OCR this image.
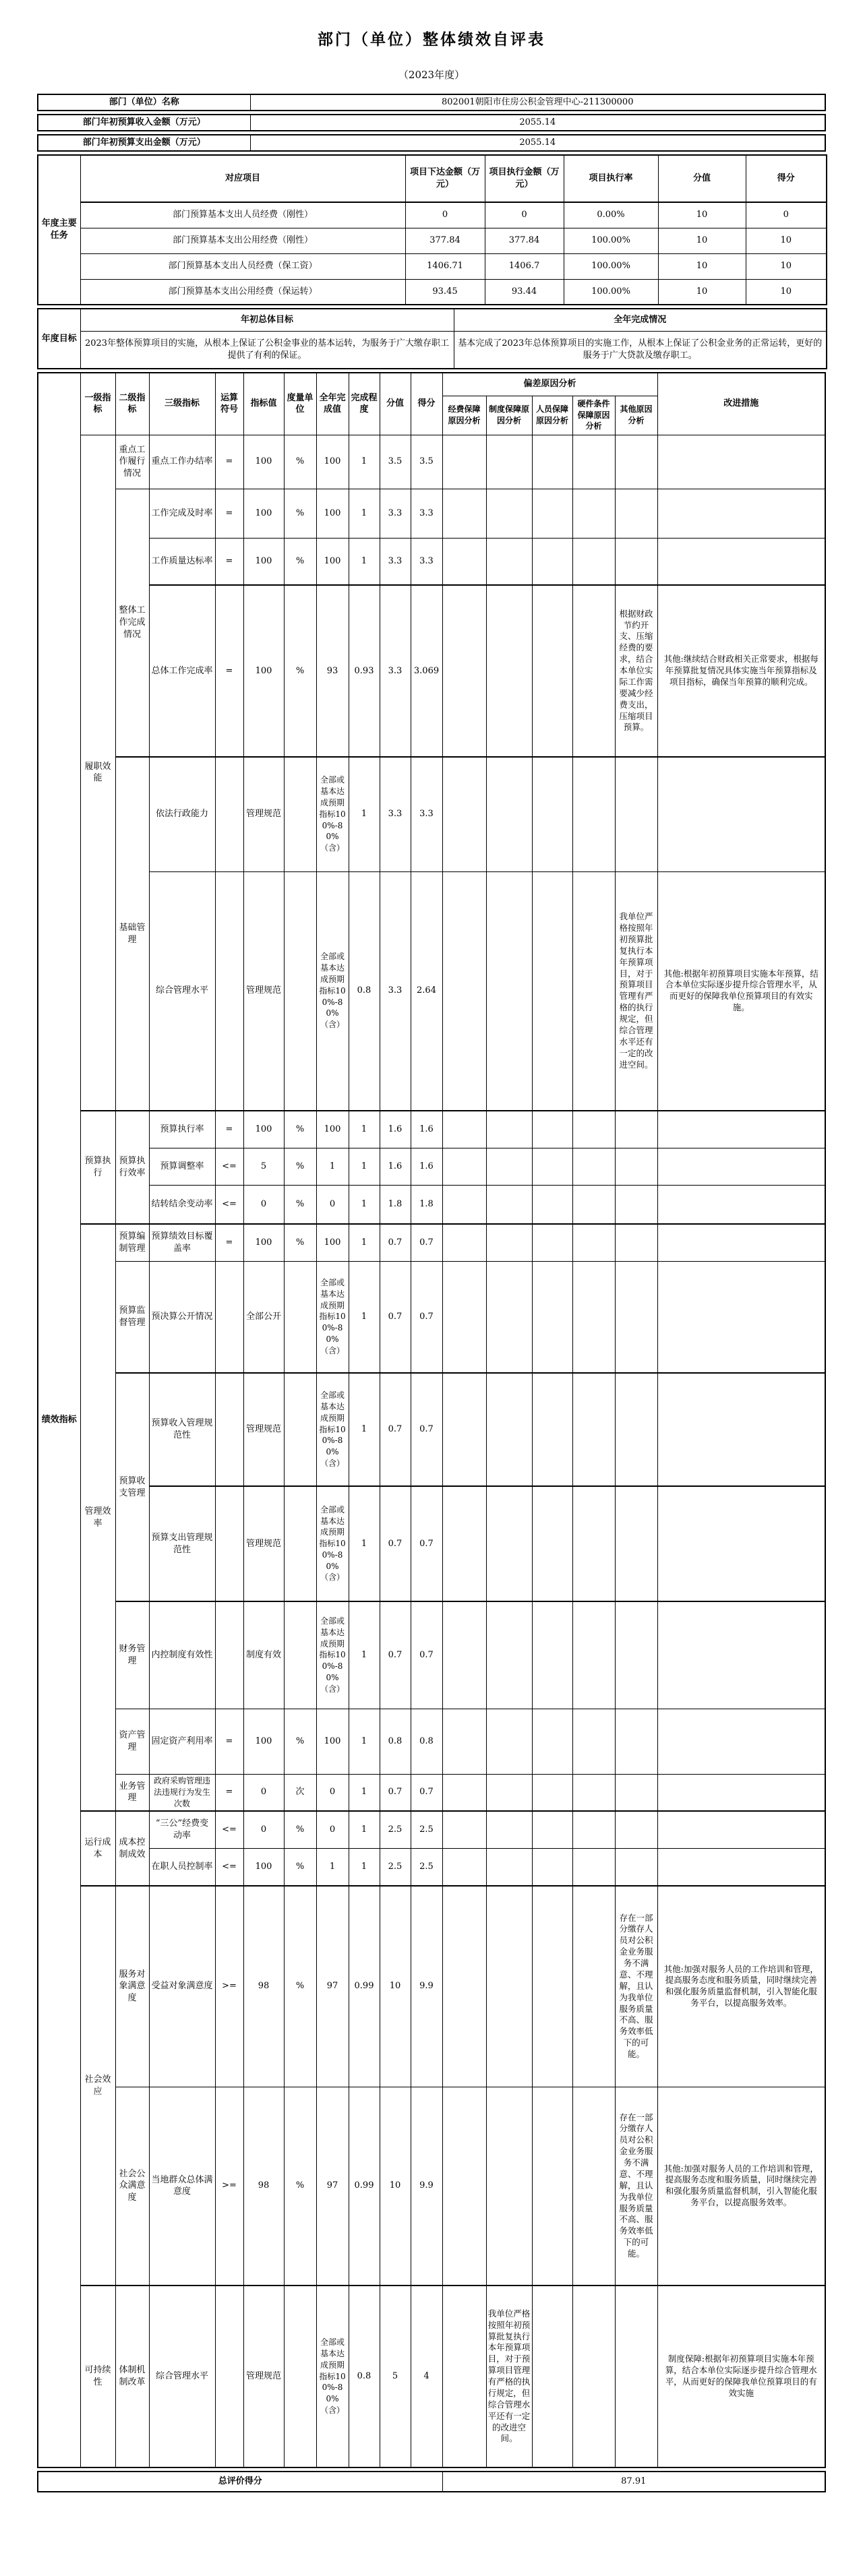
部门（单位）整体绩效自评表
（2023年度）
部门（单位）名称	802001朝阳市住房公积金管理中心-211300000
部门年初预算收入金额（万元）	2055.14
部门年初预算支出金额（万元）	2055.14
年度主要任务	对应项目	项目下达金额（万元）	项目执行金额（万元）	项目执行率	分值	得分
	部门预算基本支出人员经费（刚性）	0	0	0.00%	10	0
	部门预算基本支出公用经费（刚性）	377.84	377.84	100.00%	10	10
	部门预算基本支出人员经费（保工资）	1406.71	1406.7	100.00%	10	10
	部门预算基本支出公用经费（保运转）	93.45	93.44	100.00%	10	10
年度目标	年初总体目标	全年完成情况
	2023年整体预算项目的实施，从根本上保证了公积金事业的基本运转，为服务于广大缴存职工提供了有利的保证。	基本完成了2023年总体预算项目的实施工作，从根本上保证了公积金业务的正常运转，更好的服务于广大贷款及缴存职工。
绩效指标	一级指标	二级指标	三级指标	运算符号	指标值	度量单位	全年完成值	完成程度	分值	得分	偏差原因分析					改进措施
											经费保障原因分析	制度保障原因分析	人员保障原因分析	硬件条件保障原因分析	其他原因分析	
	履职效能	重点工作履行情况	重点工作办结率	=	100	%	100	1	3.5	3.5						
		整体工作完成情况	工作完成及时率	=	100	%	100	1	3.3	3.3						
			工作质量达标率	=	100	%	100	1	3.3	3.3						
			总体工作完成率	=	100	%	93	0.93	3.3	3.069					根据财政节约开支、压缩经费的要求，结合本单位实际工作需要减少经费支出，压缩项目预算。	其他:继续结合财政相关正常要求，根据每年预算批复情况具体实施当年预算指标及项目指标，确保当年预算的顺利完成。
		基础管理	依法行政能力		管理规范		全部或基本达成预期指标100%-80%（含）	1	3.3	3.3						
			综合管理水平		管理规范		全部或基本达成预期指标100%-80%（含）	0.8	3.3	2.64					我单位严格按照年初预算批复执行本年预算项目，对于预算项目管理有严格的执行规定，但综合管理水平还有一定的改进空间。	其他:根据年初预算项目实施本年预算，结合本单位实际逐步提升综合管理水平，从而更好的保障我单位预算项目的有效实施。
	预算执行	预算执行效率	预算执行率	=	100	%	100	1	1.6	1.6						
			预算调整率	<=	5	%	1	1	1.6	1.6						
			结转结余变动率	<=	0	%	0	1	1.8	1.8						
	管理效率	预算编制管理	预算绩效目标覆盖率	=	100	%	100	1	0.7	0.7						
		预算监督管理	预决算公开情况		全部公开		全部或基本达成预期指标100%-80%（含）	1	0.7	0.7						
		预算收支管理	预算收入管理规范性		管理规范		全部或基本达成预期指标100%-80%（含）	1	0.7	0.7						
			预算支出管理规范性		管理规范		全部或基本达成预期指标100%-80%（含）	1	0.7	0.7						
		财务管理	内控制度有效性		制度有效		全部或基本达成预期指标100%-80%（含）	1	0.7	0.7						
		资产管理	固定资产利用率	=	100	%	100	1	0.8	0.8						
		业务管理	政府采购管理违法违规行为发生次数	=	0	次	0	1	0.7	0.7						
	运行成本	成本控制成效	“三公”经费变动率	<=	0	%	0	1	2.5	2.5						
			在职人员控制率	<=	100	%	1	1	2.5	2.5						
	社会效应	服务对象满意度	受益对象满意度	>=	98	%	97	0.99	10	9.9					存在一部分缴存人员对公积金业务服务不满意、不理解，且认为我单位服务质量不高、服务效率低下的可能。	其他:加强对服务人员的工作培训和管理，提高服务态度和服务质量，同时继续完善和强化服务质量监督机制，引入智能化服务平台，以提高服务效率。
		社会公众满意度	当地群众总体满意度	>=	98	%	97	0.99	10	9.9					存在一部分缴存人员对公积金业务服务不满意、不理解，且认为我单位服务质量不高、服务效率低下的可能。	其他:加强对服务人员的工作培训和管理，提高服务态度和服务质量，同时继续完善和强化服务质量监督机制，引入智能化服务平台，以提高服务效率。
	可持续性	体制机制改革	综合管理水平		管理规范		全部或基本达成预期指标100%-80%（含）	0.8	5	4		我单位严格按照年初预算批复执行本年预算项目，对于预算项目管理有严格的执行规定，但综合管理水平还有一定的改进空间。				制度保障:根据年初预算项目实施本年预算，结合本单位实际逐步提升综合管理水平，从而更好的保障我单位预算项目的有效实施
总评价得分	87.91
